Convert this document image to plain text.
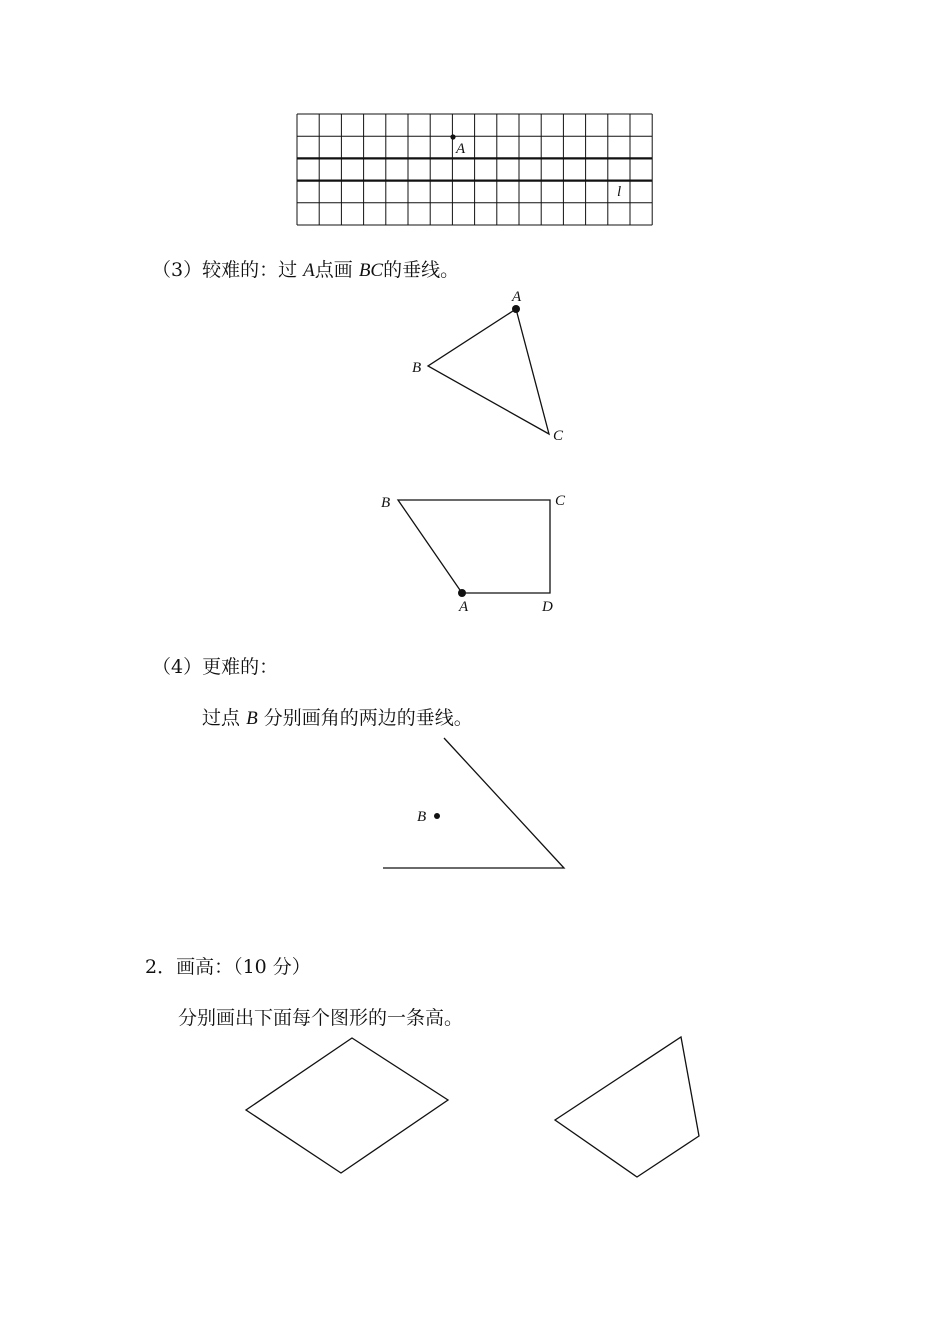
A
l
A
B
C
B	C
A	D
B
（3）较难的：过 A点画 BC的垂线。
（4）更难的：
过点 B 分别画角的两边的垂线。
2．画高：（10 分）
分别画出下面每个图形的一条高。
